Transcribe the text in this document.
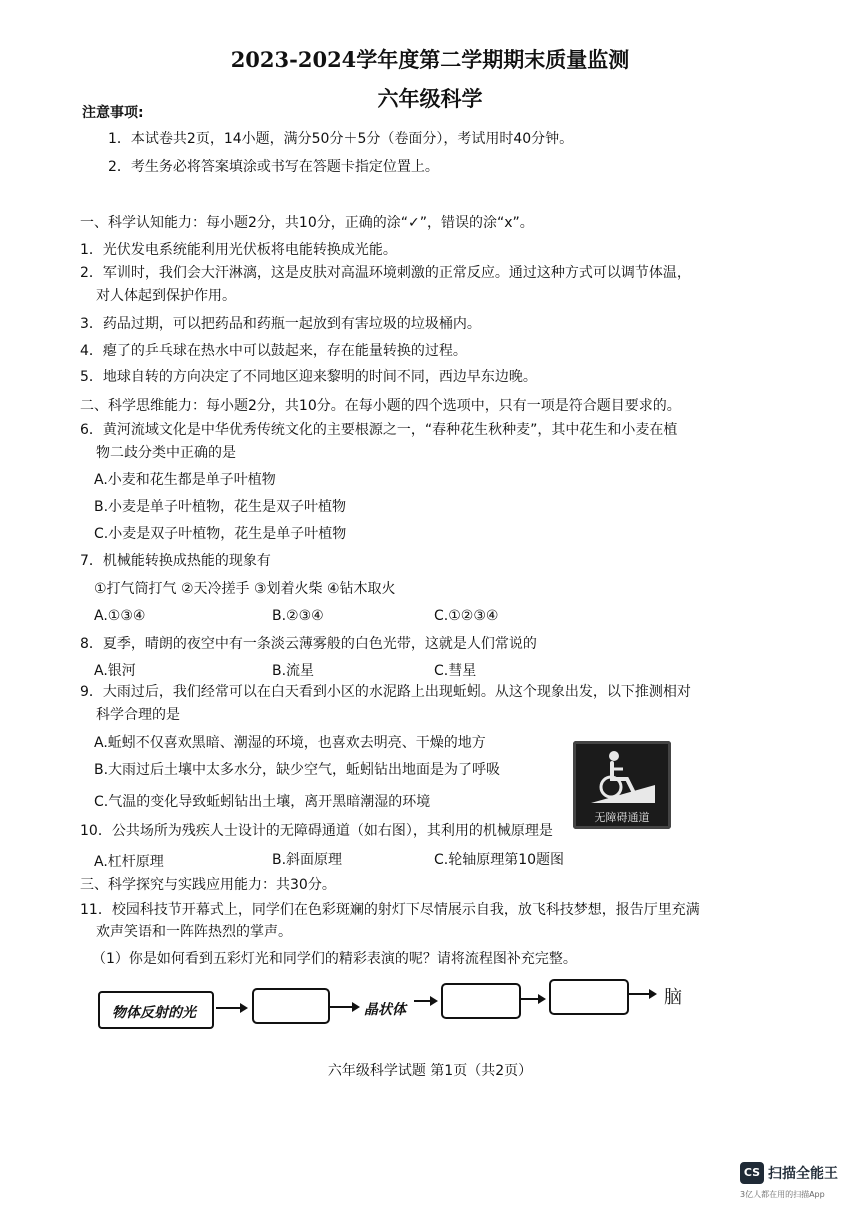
2023-2024学年度第二学期期末质量监测
六年级科学
注意事项:
1．本试卷共2页，14小题，满分50分＋5分（卷面分），考试用时40分钟。
2．考生务必将答案填涂或书写在答题卡指定位置上。
一、科学认知能力：每小题2分，共10分，正确的涂“✓”，错误的涂“x”。
1．光伏发电系统能利用光伏板将电能转换成光能。
2．军训时，我们会大汗淋漓，这是皮肤对高温环境刺激的正常反应。通过这种方式可以调节体温，
对人体起到保护作用。
3．药品过期，可以把药品和药瓶一起放到有害垃圾的垃圾桶内。
4．瘪了的乒乓球在热水中可以鼓起来，存在能量转换的过程。
5．地球自转的方向决定了不同地区迎来黎明的时间不同，西边早东边晚。
二、科学思维能力：每小题2分，共10分。在每小题的四个选项中，只有一项是符合题目要求的。
6．黄河流域文化是中华优秀传统文化的主要根源之一，“春种花生秋种麦”，其中花生和小麦在植
物二歧分类中正确的是
A.小麦和花生都是单子叶植物
B.小麦是单子叶植物，花生是双子叶植物
C.小麦是双子叶植物，花生是单子叶植物
7．机械能转换成热能的现象有
①打气筒打气 ②天冷搓手 ③划着火柴 ④钻木取火
A.①③④	B.②③④	C.①②③④
8．夏季，晴朗的夜空中有一条淡云薄雾般的白色光带，这就是人们常说的
A.银河	B.流星	C.彗星
9．大雨过后，我们经常可以在白天看到小区的水泥路上出现蚯蚓。从这个现象出发，以下推测相对
科学合理的是
A.蚯蚓不仅喜欢黑暗、潮湿的环境，也喜欢去明亮、干燥的地方
B.大雨过后土壤中太多水分，缺少空气，蚯蚓钻出地面是为了呼吸
C.气温的变化导致蚯蚓钻出土壤，离开黑暗潮湿的环境
无障碍通道
10．公共场所为残疾人士设计的无障碍通道（如右图），其利用的机械原理是
A.杠杆原理	B.斜面原理	C.轮轴原理第10题图
三、科学探究与实践应用能力：共30分。
11．校园科技节开幕式上，同学们在色彩斑斓的射灯下尽情展示自我，放飞科技梦想，报告厅里充满
欢声笑语和一阵阵热烈的掌声。
（1）你是如何看到五彩灯光和同学们的精彩表演的呢？请将流程图补充完整。
物体反射的光	晶状体
脑
六年级科学试题 第1页（共2页）
CS 扫描全能王
3亿人都在用的扫描App
